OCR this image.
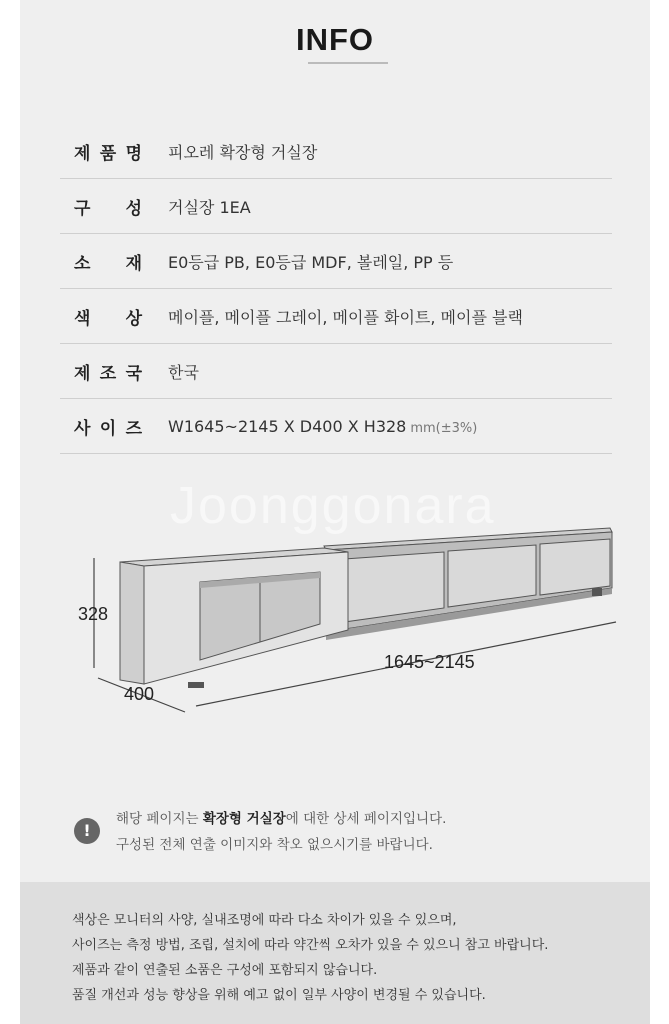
INFO
제 품 명 피오레 확장형 거실장
구 성 거실장 1EA
소 재 E0등급 PB, E0등급 MDF, 볼레일, PP 등
색 상 메이플, 메이플 그레이, 메이플 화이트, 메이플 블랙
제 조 국 한국
사 이 즈 W1645~2145 X D400 X H328 mm(±3%)
Joonggonara
328
400
1645~2145
!
해당 페이지는 확장형 거실장에 대한 상세 페이지입니다.
구성된 전체 연출 이미지와 착오 없으시기를 바랍니다.
색상은 모니터의 사양, 실내조명에 따라 다소 차이가 있을 수 있으며,
사이즈는 측정 방법, 조립, 설치에 따라 약간씩 오차가 있을 수 있으니 참고 바랍니다.
제품과 같이 연출된 소품은 구성에 포함되지 않습니다.
품질 개선과 성능 향상을 위해 예고 없이 일부 사양이 변경될 수 있습니다.
